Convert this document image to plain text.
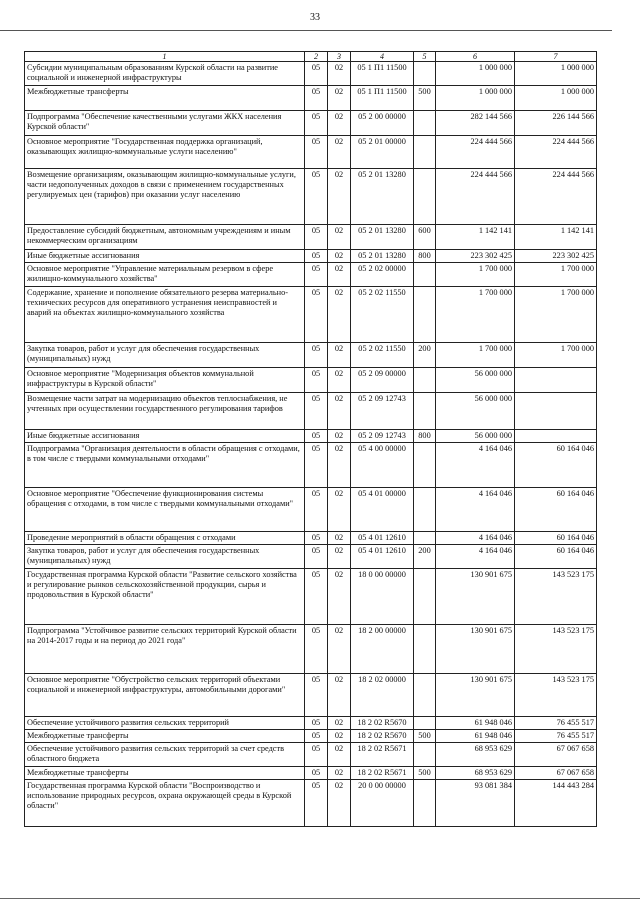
33
1	2	3	4	5	6	7
Субсидии муниципальным образованиям Курской области на развитие социальной и инженерной инфраструктуры	05	02	05 1 П1 11500		1 000 000	1 000 000
Межбюджетные трансферты	05	02	05 1 П1 11500	500	1 000 000	1 000 000
Подпрограмма "Обеспечение качественными услугами ЖКХ населения Курской области"	05	02	05 2 00 00000		282 144 566	226 144 566
Основное мероприятие "Государственная поддержка организаций, оказывающих жилищно-коммунальные услуги населению"	05	02	05 2 01 00000		224 444 566	224 444 566
Возмещение организациям, оказывающим жилищно-коммунальные услуги, части недополученных доходов в связи с применением государственных регулируемых цен (тарифов) при оказании услуг населению	05	02	05 2 01 13280		224 444 566	224 444 566
Предоставление субсидий бюджетным, автономным учреждениям и иным некоммерческим организациям	05	02	05 2 01 13280	600	1 142 141	1 142 141
Иные бюджетные ассигнования	05	02	05 2 01 13280	800	223 302 425	223 302 425
Основное мероприятие "Управление материальным резервом в сфере жилищно-коммунального хозяйства"	05	02	05 2 02 00000		1 700 000	1 700 000
Содержание, хранение и пополнение обязательного резерва материально-технических ресурсов для оперативного устранения неисправностей и аварий на объектах жилищно-коммунального хозяйства	05	02	05 2 02 11550		1 700 000	1 700 000
Закупка товаров, работ и услуг для обеспечения государственных (муниципальных) нужд	05	02	05 2 02 11550	200	1 700 000	1 700 000
Основное мероприятие "Модернизация объектов коммунальной инфраструктуры в Курской области"	05	02	05 2 09 00000		56 000 000	
Возмещение части затрат на модернизацию объектов теплоснабжения, не учтенных при осуществлении государственного регулирования тарифов	05	02	05 2 09 12743		56 000 000	
Иные бюджетные ассигнования	05	02	05 2 09 12743	800	56 000 000	
Подпрограмма "Организация деятельности в области обращения с отходами, в том числе с твердыми коммунальными отходами"	05	02	05 4 00 00000		4 164 046	60 164 046
Основное мероприятие "Обеспечение функционирования системы обращения с отходами, в том числе с твердыми коммунальными отходами"	05	02	05 4 01 00000		4 164 046	60 164 046
Проведение мероприятий в области обращения с отходами	05	02	05 4 01 12610		4 164 046	60 164 046
Закупка товаров, работ и услуг для обеспечения государственных (муниципальных) нужд	05	02	05 4 01 12610	200	4 164 046	60 164 046
Государственная программа Курской области "Развитие сельского хозяйства и регулирование рынков сельскохозяйственной продукции, сырья и продовольствия в Курской области"	05	02	18 0 00 00000		130 901 675	143 523 175
Подпрограмма "Устойчивое развитие сельских территорий Курской области на 2014-2017 годы и на период до 2021 года"	05	02	18 2 00 00000		130 901 675	143 523 175
Основное мероприятие "Обустройство сельских территорий объектами социальной и инженерной инфраструктуры, автомобильными дорогами"	05	02	18 2 02 00000		130 901 675	143 523 175
Обеспечение устойчивого развития сельских территорий	05	02	18 2 02 R5670		61 948 046	76 455 517
Межбюджетные трансферты	05	02	18 2 02 R5670	500	61 948 046	76 455 517
Обеспечение устойчивого развития сельских территорий за счет средств областного бюджета	05	02	18 2 02 R5671		68 953 629	67 067 658
Межбюджетные трансферты	05	02	18 2 02 R5671	500	68 953 629	67 067 658
Государственная программа Курской области "Воспроизводство и использование природных ресурсов, охрана окружающей среды в Курской области"	05	02	20 0 00 00000		93 081 384	144 443 284
